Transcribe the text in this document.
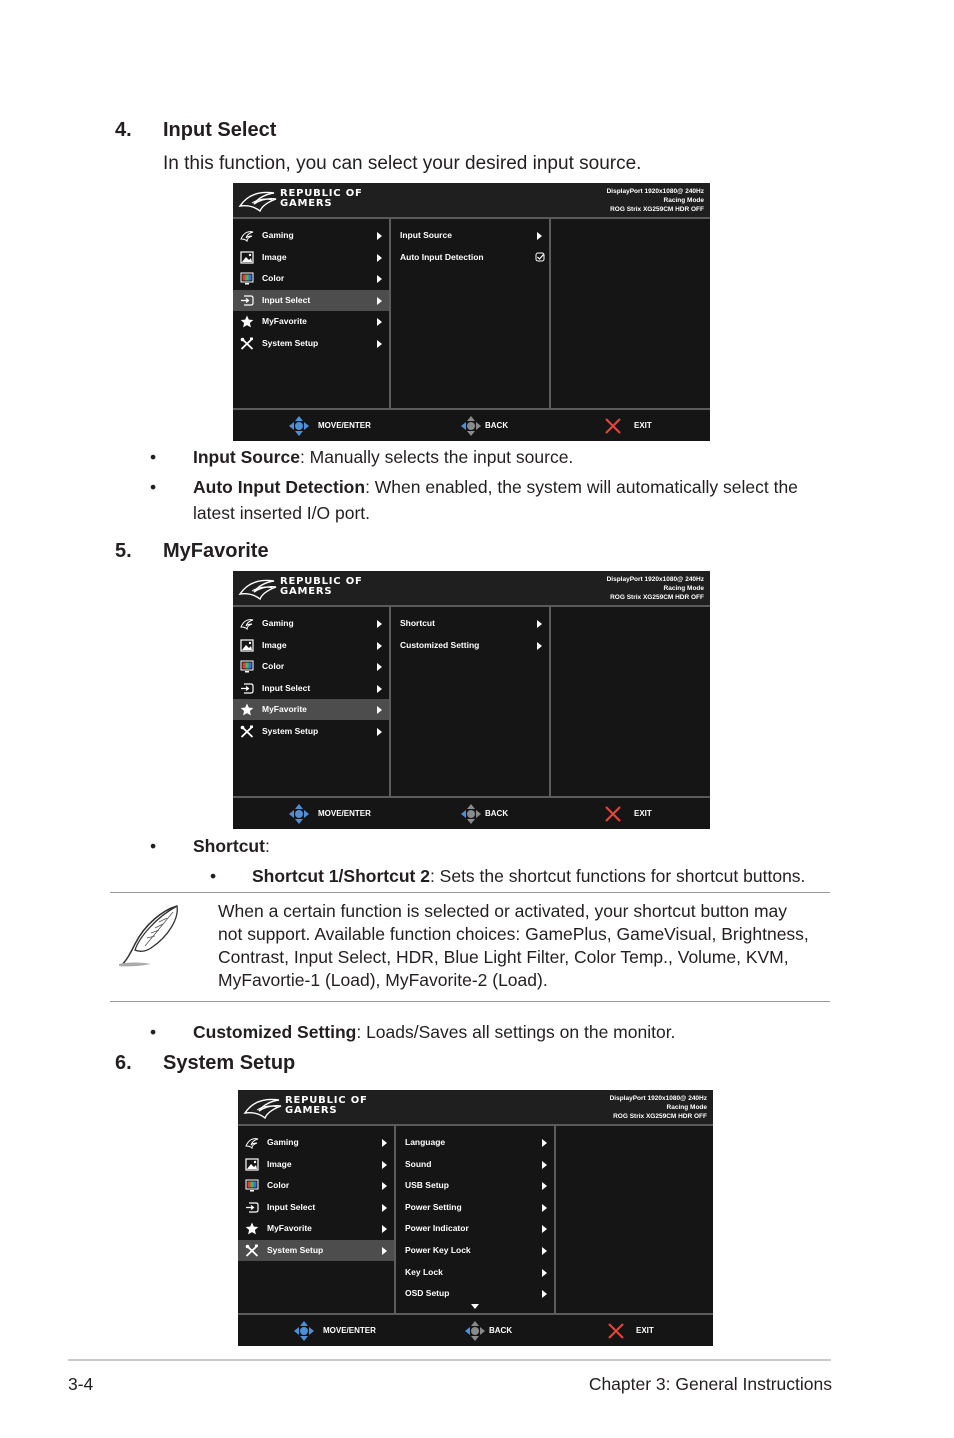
4. Input Select
In this function, you can select your desired input source.
REPUBLIC OF
GAMERS
DisplayPort 1920x1080@ 240Hz
Racing Mode
ROG Strix XG259CM HDR OFF
Gaming
Image
Color
Input Select
MyFavorite
System Setup
Input Source
Auto Input Detection
MOVE/ENTER	BACK	EXIT
• Input Source: Manually selects the input source.
• Auto Input Detection: When enabled, the system will automatically select the
latest inserted I/O port.
5. MyFavorite
REPUBLIC OF
GAMERS
DisplayPort 1920x1080@ 240Hz
Racing Mode
ROG Strix XG259CM HDR OFF
Gaming
Image
Color
Input Select
MyFavorite
System Setup
Shortcut
Customized Setting
MOVE/ENTER	BACK	EXIT
• Shortcut:
• Shortcut 1/Shortcut 2: Sets the shortcut functions for shortcut buttons.
When a certain function is selected or activated, your shortcut button may
not support. Available function choices: GamePlus, GameVisual, Brightness,
Contrast, Input Select, HDR, Blue Light Filter, Color Temp., Volume, KVM,
MyFavortie-1 (Load), MyFavorite-2 (Load).
• Customized Setting: Loads/Saves all settings on the monitor.
6. System Setup
REPUBLIC OF
GAMERS
DisplayPort 1920x1080@ 240Hz
Racing Mode
ROG Strix XG259CM HDR OFF
Gaming
Image
Color
Input Select
MyFavorite
System Setup
Language
Sound
USB Setup
Power Setting
Power Indicator
Power Key Lock
Key Lock
OSD Setup
MOVE/ENTER	BACK	EXIT
3-4	Chapter 3: General Instructions
